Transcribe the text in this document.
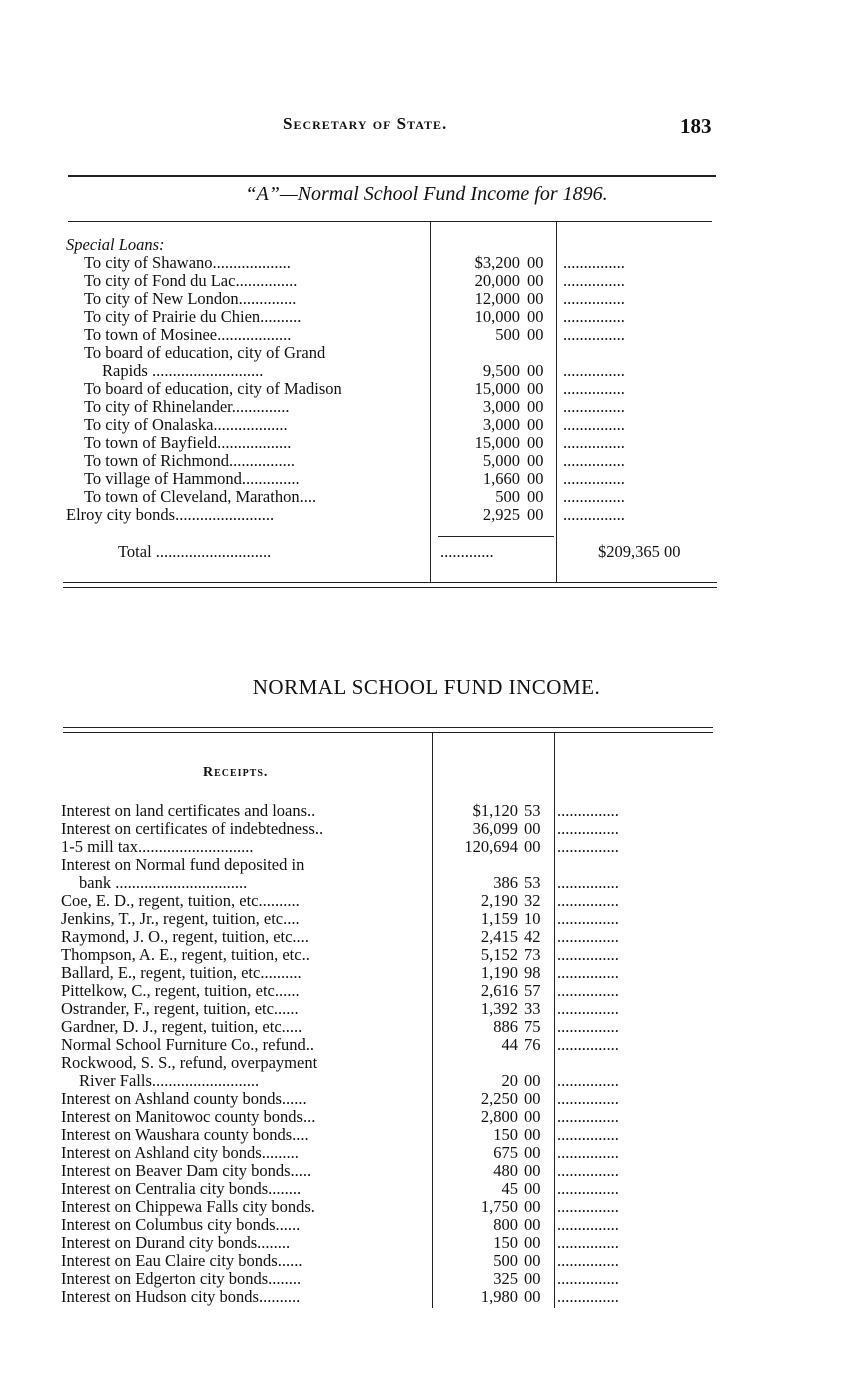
Secretary of State.	183
“A”—Normal School Fund Income for 1896.
Special Loans:
To city of Shawano...................	$3,200 00	...............
To city of Fond du Lac...............	20,000 00	...............
To city of New London..............	12,000 00	...............
To city of Prairie du Chien..........	10,000 00	...............
To town of Mosinee..................	500 00	...............
To board of education, city of Grand
Rapids ...........................	9,500 00	...............
To board of education, city of Madison	15,000 00	...............
To city of Rhinelander..............	3,000 00	...............
To city of Onalaska..................	3,000 00	...............
To town of Bayfield..................	15,000 00	...............
To town of Richmond................	5,000 00	...............
To village of Hammond..............	1,660 00	...............
To town of Cleveland, Marathon....	500 00	...............
Elroy city bonds........................	2,925 00	...............
Total ............................	.............	$209,365 00
NORMAL SCHOOL FUND INCOME.
Receipts.
Interest on land certificates and loans..	$1,120 53	...............
Interest on certificates of indebtedness..	36,099 00	...............
1-5 mill tax............................	120,694 00	...............
Interest on Normal fund deposited in
bank ................................	386 53	...............
Coe, E. D., regent, tuition, etc..........	2,190 32	...............
Jenkins, T., Jr., regent, tuition, etc....	1,159 10	...............
Raymond, J. O., regent, tuition, etc....	2,415 42	...............
Thompson, A. E., regent, tuition, etc..	5,152 73	...............
Ballard, E., regent, tuition, etc..........	1,190 98	...............
Pittelkow, C., regent, tuition, etc......	2,616 57	...............
Ostrander, F., regent, tuition, etc......	1,392 33	...............
Gardner, D. J., regent, tuition, etc.....	886 75	...............
Normal School Furniture Co., refund..	44 76	...............
Rockwood, S. S., refund, overpayment
River Falls..........................	20 00	...............
Interest on Ashland county bonds......	2,250 00	...............
Interest on Manitowoc county bonds...	2,800 00	...............
Interest on Waushara county bonds....	150 00	...............
Interest on Ashland city bonds.........	675 00	...............
Interest on Beaver Dam city bonds.....	480 00	...............
Interest on Centralia city bonds........	45 00	...............
Interest on Chippewa Falls city bonds.	1,750 00	...............
Interest on Columbus city bonds......	800 00	...............
Interest on Durand city bonds........	150 00	...............
Interest on Eau Claire city bonds......	500 00	...............
Interest on Edgerton city bonds........	325 00	...............
Interest on Hudson city bonds..........	1,980 00	...............
